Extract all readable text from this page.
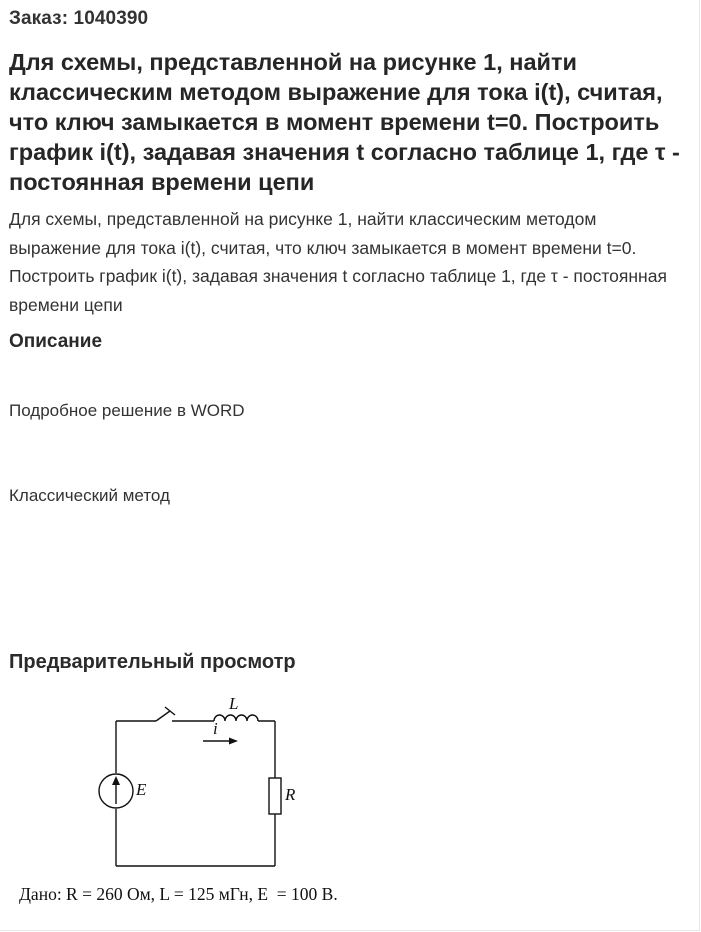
Заказ: 1040390
Для схемы, представленной на рисунке 1, найти классическим методом выражение для тока i(t), считая, что ключ замыкается в момент времени t=0. Построить график i(t), задавая значения t согласно таблице 1, где τ - постоянная времени цепи

Для схемы, представленной на рисунке 1, найти классическим методом выражение для тока i(t), считая, что ключ замыкается в момент времени t=0. Построить график i(t), задавая значения t согласно таблице 1, где τ - постоянная времени цепи

Описание

Подробное решение в WORD

Классический метод

Предварительный просмотр
L
i
E	R

Дано: R = 260 Ом, L = 125 мГн, E  = 100 В.
